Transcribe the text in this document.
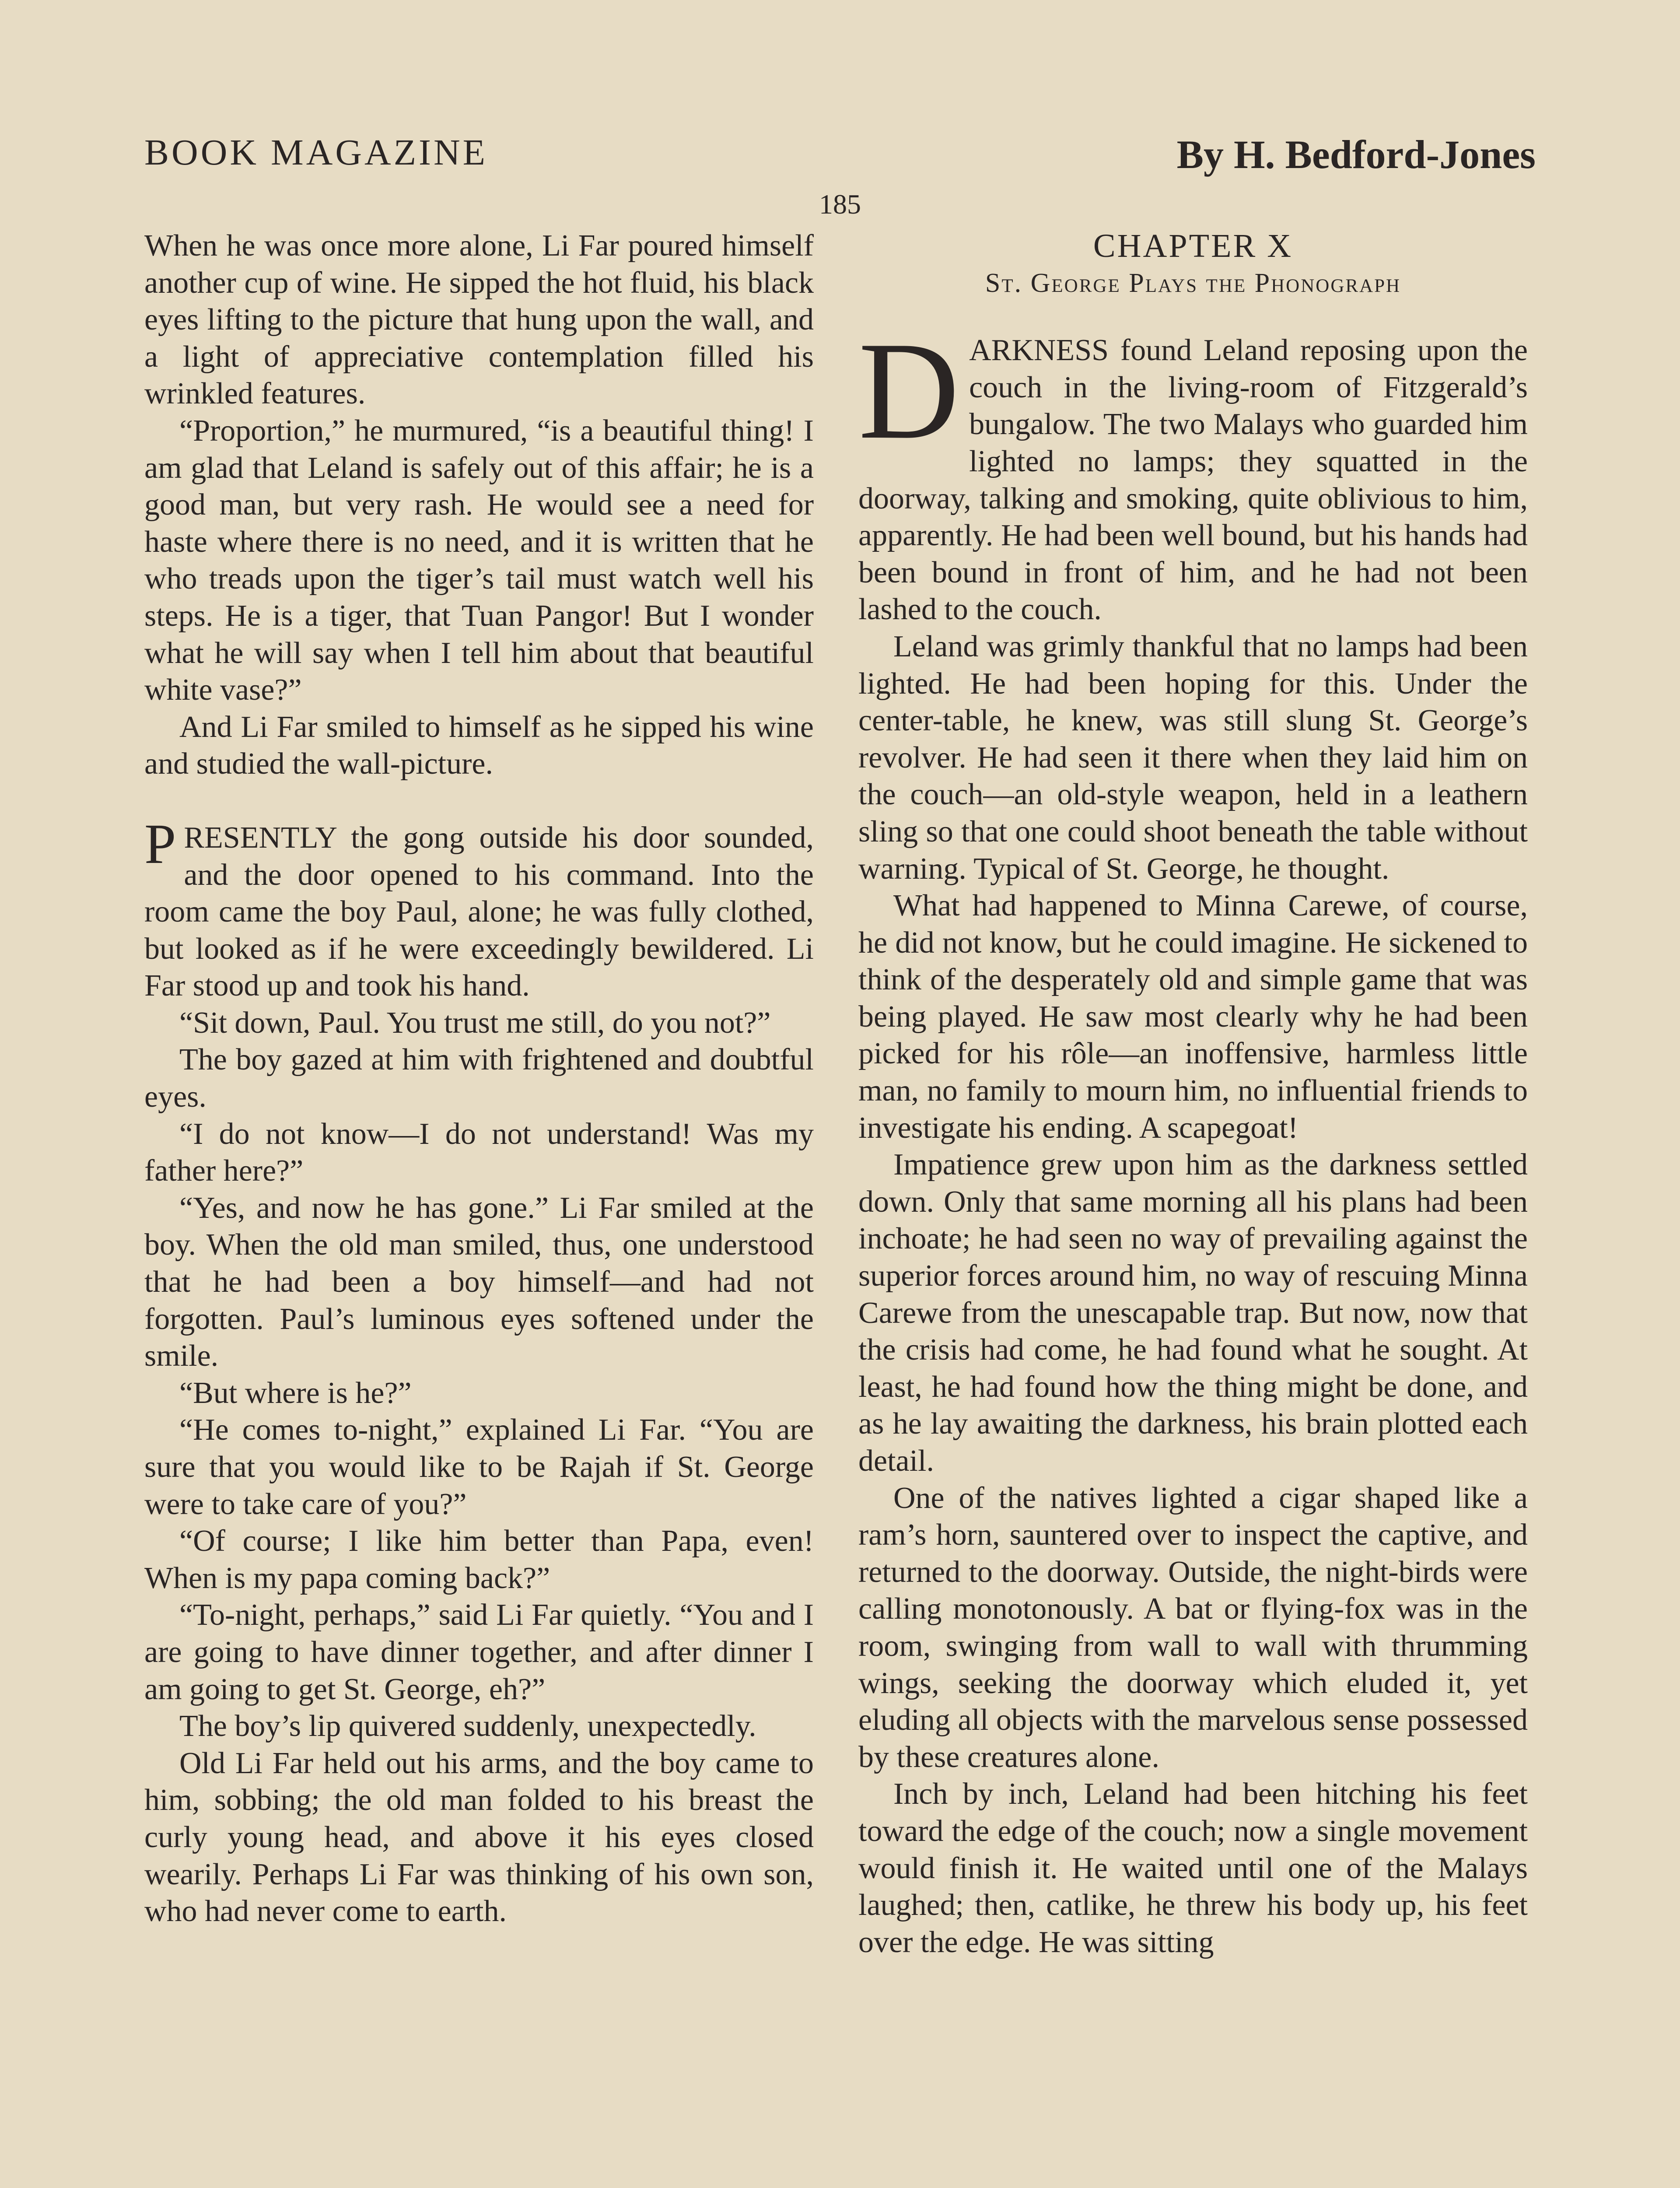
BOOK MAGAZINE	By H. Bedford-Jones
185

When he was once more alone, Li Far poured himself another cup of wine. He sipped the hot fluid, his black eyes lifting to the picture that hung upon the wall, and a light of appreciative contemplation filled his wrinkled features.

“Proportion,” he murmured, “is a beautiful thing! I am glad that Leland is safely out of this affair; he is a good man, but very rash. He would see a need for haste where there is no need, and it is written that he who treads upon the tiger’s tail must watch well his steps. He is a tiger, that Tuan Pangor! But I wonder what he will say when I tell him about that beautiful white vase?”

And Li Far smiled to himself as he sipped his wine and studied the wall-picture.

PRESENTLY the gong outside his door sounded, and the door opened to his command. Into the room came the boy Paul, alone; he was fully clothed, but looked as if he were exceedingly bewildered. Li Far stood up and took his hand.

“Sit down, Paul. You trust me still, do you not?”

The boy gazed at him with frightened and doubtful eyes.

“I do not know—I do not understand! Was my father here?”

“Yes, and now he has gone.” Li Far smiled at the boy. When the old man smiled, thus, one understood that he had been a boy himself—and had not forgotten. Paul’s luminous eyes softened under the smile.

“But where is he?”

“He comes to-night,” explained Li Far. “You are sure that you would like to be Rajah if St. George were to take care of you?”

“Of course; I like him better than Papa, even! When is my papa coming back?”

“To-night, perhaps,” said Li Far quietly. “You and I are going to have dinner together, and after dinner I am going to get St. George, eh?”

The boy’s lip quivered suddenly, unexpectedly.

Old Li Far held out his arms, and the boy came to him, sobbing; the old man folded to his breast the curly young head, and above it his eyes closed wearily. Perhaps Li Far was thinking of his own son, who had never come to earth.

CHAPTER X
St. George Plays the Phonograph

DARKNESS found Leland reposing upon the couch in the living-room of Fitzgerald’s bungalow. The two Malays who guarded him lighted no lamps; they squatted in the doorway, talking and smoking, quite oblivious to him, apparently. He had been well bound, but his hands had been bound in front of him, and he had not been lashed to the couch.

Leland was grimly thankful that no lamps had been lighted. He had been hoping for this. Under the center-table, he knew, was still slung St. George’s revolver. He had seen it there when they laid him on the couch—an old-style weapon, held in a leathern sling so that one could shoot beneath the table without warning. Typical of St. George, he thought.

What had happened to Minna Carewe, of course, he did not know, but he could imagine. He sickened to think of the desperately old and simple game that was being played. He saw most clearly why he had been picked for his rôle—an inoffensive, harmless little man, no family to mourn him, no influential friends to investigate his ending. A scapegoat!

Impatience grew upon him as the darkness settled down. Only that same morning all his plans had been inchoate; he had seen no way of prevailing against the superior forces around him, no way of rescuing Minna Carewe from the unescapable trap. But now, now that the crisis had come, he had found what he sought. At least, he had found how the thing might be done, and as he lay awaiting the darkness, his brain plotted each detail.

One of the natives lighted a cigar shaped like a ram’s horn, sauntered over to inspect the captive, and returned to the doorway. Outside, the night-birds were calling monotonously. A bat or flying-fox was in the room, swinging from wall to wall with thrumming wings, seeking the doorway which eluded it, yet eluding all objects with the marvelous sense possessed by these creatures alone.

Inch by inch, Leland had been hitching his feet toward the edge of the couch; now a single movement would finish it. He waited until one of the Malays laughed; then, catlike, he threw his body up, his feet over the edge. He was sitting
